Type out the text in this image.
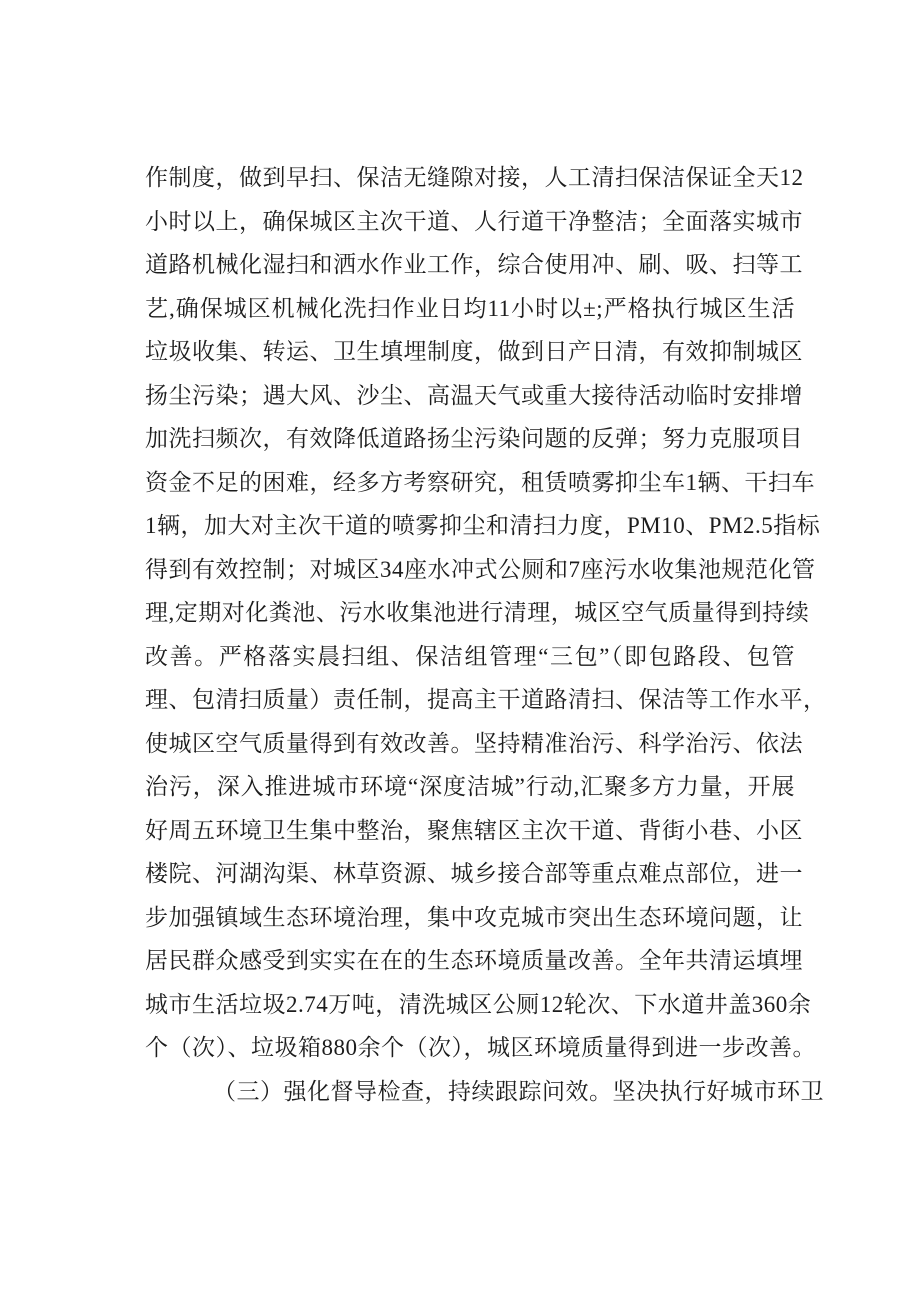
作制度，做到早扫、保洁无缝隙对接，人工清扫保洁保证全天12
小时以上，确保城区主次干道、人行道干净整洁；全面落实城市
道路机械化湿扫和洒水作业工作，综合使用冲、刷、吸、扫等工
艺,确保城区机械化洗扫作业日均11小时以±;严格执行城区生活
垃圾收集、转运、卫生填埋制度，做到日产日清，有效抑制城区
扬尘污染；遇大风、沙尘、高温天气或重大接待活动临时安排增
加洗扫频次，有效降低道路扬尘污染问题的反弹；努力克服项目
资金不足的困难，经多方考察研究，租赁喷雾抑尘车1辆、干扫车
1辆，加大对主次干道的喷雾抑尘和清扫力度，PM10、PM2.5指标
得到有效控制；对城区34座水冲式公厕和7座污水收集池规范化管
理,定期对化粪池、污水收集池进行清理，城区空气质量得到持续
改善。严格落实晨扫组、保洁组管理“三包”（即包路段、包管
理、包清扫质量）责任制，提高主干道路清扫、保洁等工作水平，
使城区空气质量得到有效改善。坚持精准治污、科学治污、依法
治污，深入推进城市环境“深度洁城”行动,汇聚多方力量，开展
好周五环境卫生集中整治，聚焦辖区主次干道、背街小巷、小区
楼院、河湖沟渠、林草资源、城乡接合部等重点难点部位，进一
步加强镇域生态环境治理，集中攻克城市突出生态环境问题，让
居民群众感受到实实在在的生态环境质量改善。全年共清运填埋
城市生活垃圾2.74万吨，清洗城区公厕12轮次、下水道井盖360余
个（次）、垃圾箱880余个（次），城区环境质量得到进一步改善。
（三）强化督导检查，持续跟踪问效。坚决执行好城市环卫
